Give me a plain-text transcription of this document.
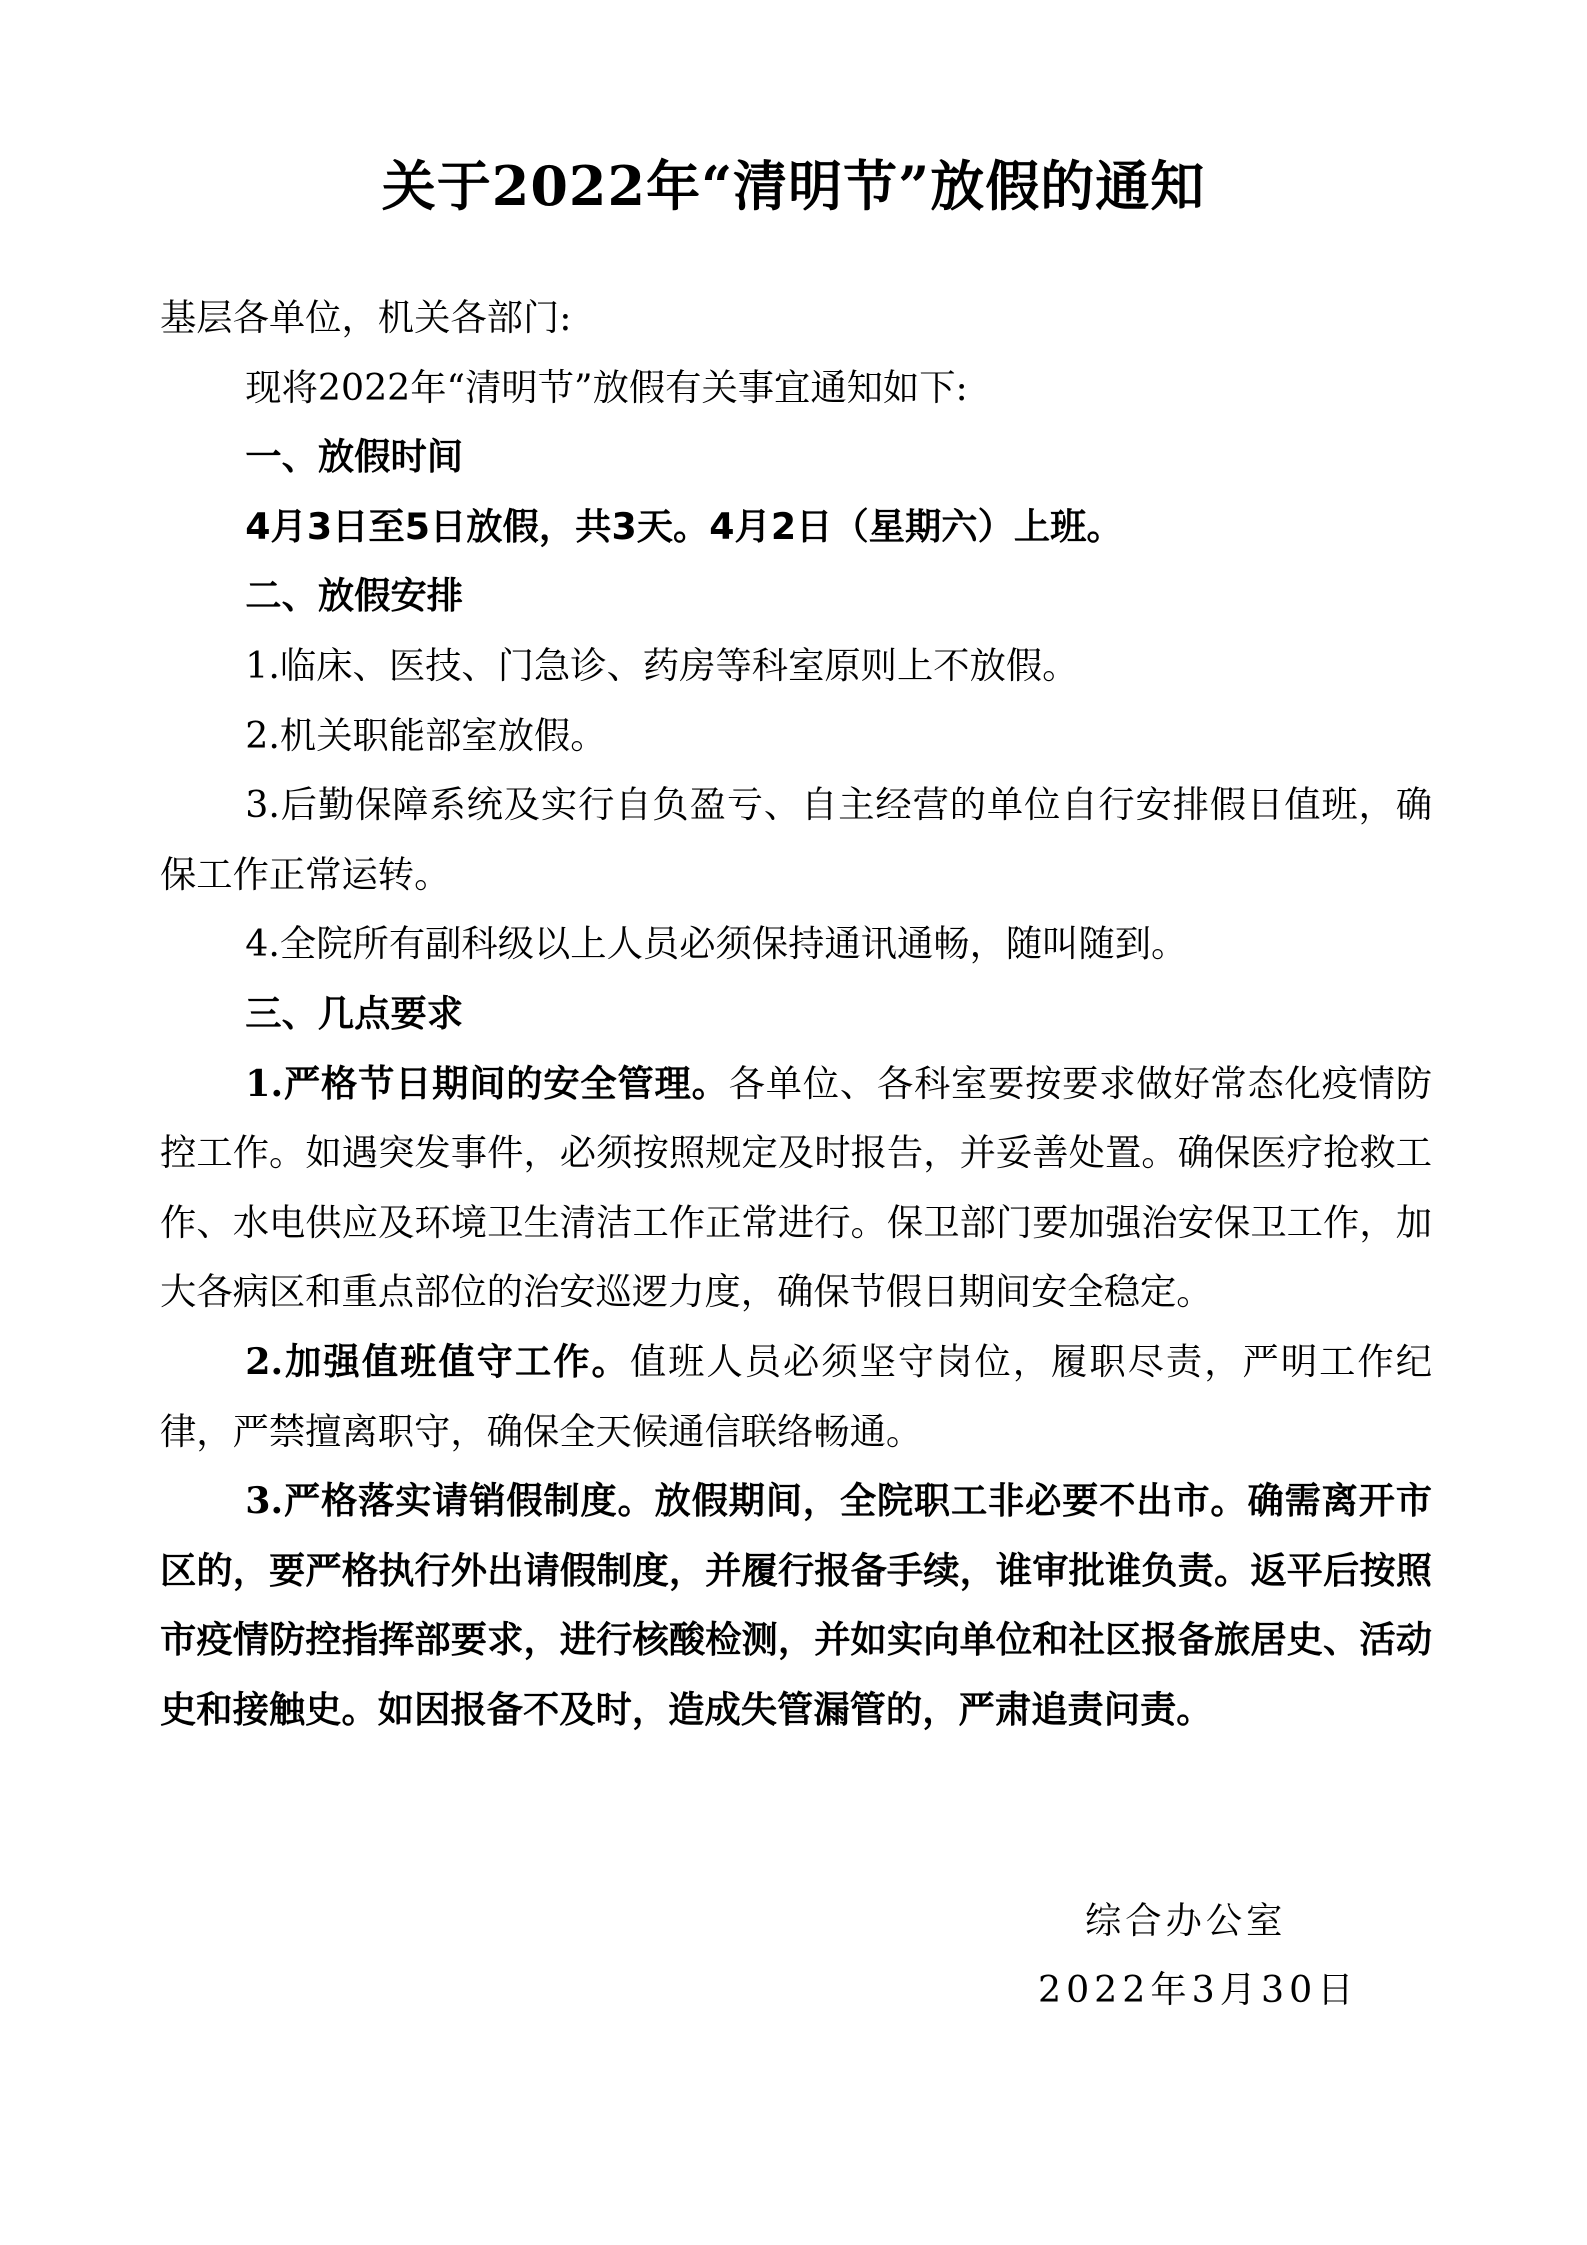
关于2022年“清明节”放假的通知

基层各单位，机关各部门:

现将2022年“清明节”放假有关事宜通知如下:

一、放假时间

4月3日至5日放假，共3天。4月2日（星期六）上班。

二、放假安排

1.临床、医技、门急诊、药房等科室原则上不放假。

2.机关职能部室放假。

3.后勤保障系统及实行自负盈亏、自主经营的单位自行安排假日值班，确保工作正常运转。

4.全院所有副科级以上人员必须保持通讯通畅，随叫随到。

三、几点要求

1.严格节日期间的安全管理。各单位、各科室要按要求做好常态化疫情防控工作。如遇突发事件，必须按照规定及时报告，并妥善处置。确保医疗抢救工作、水电供应及环境卫生清洁工作正常进行。保卫部门要加强治安保卫工作，加大各病区和重点部位的治安巡逻力度，确保节假日期间安全稳定。

2.加强值班值守工作。值班人员必须坚守岗位，履职尽责，严明工作纪律，严禁擅离职守，确保全天候通信联络畅通。

3.严格落实请销假制度。放假期间，全院职工非必要不出市。确需离开市区的，要严格执行外出请假制度，并履行报备手续，谁审批谁负责。返平后按照市疫情防控指挥部要求，进行核酸检测，并如实向单位和社区报备旅居史、活动史和接触史。如因报备不及时，造成失管漏管的，严肃追责问责。

综合办公室
2022年3月30日
